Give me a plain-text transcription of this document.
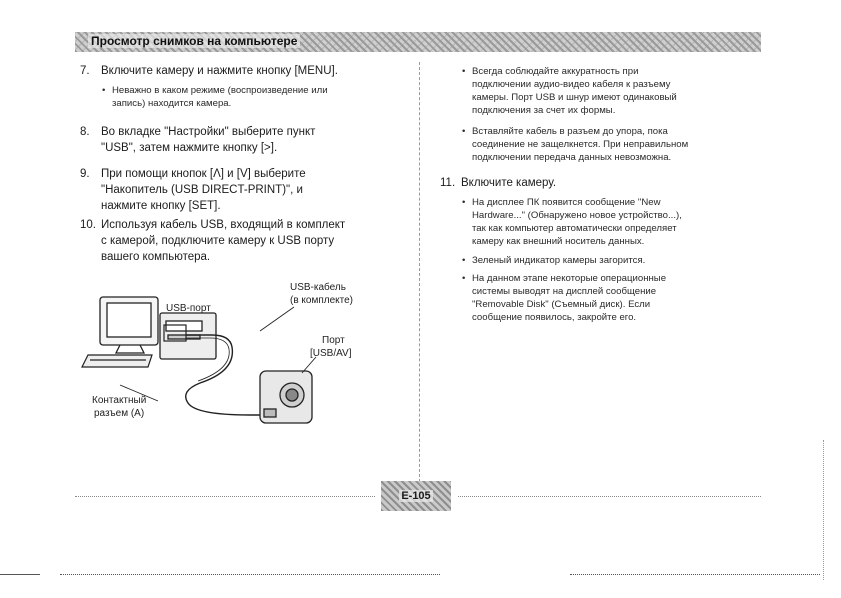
Просмотр снимков на компьютере
7. Включите камеру и нажмите кнопку [MENU].
• Неважно в каком режиме (воспроизведение или
запись) находится камера.
8. Во вкладке "Настройки" выберите пункт
"USB", затем нажмите кнопку [>].
9. При помощи кнопок [Λ] и [V] выберите
"Накопитель (USB DIRECT-PRINT)", и
нажмите кнопку [SET].
10. Используя кабель USB, входящий в комплект
с камерой, подключите камеру к USB порту
вашего компьютера.
USB-порт
USB-кабель
(в комплекте)
Порт
[USB/AV]
Контактный
разъем (A)
• Всегда соблюдайте аккуратность при
подключении аудио-видео кабеля к разъему
камеры. Порт USB и шнур имеют одинаковый
подключения за счет их формы.
• Вставляйте кабель в разъем до упора, пока
соединение не защелкнется. При неправильном
подключении передача данных невозможна.
11. Включите камеру.
• На дисплее ПК появится сообщение "New
Hardware..." (Обнаружено новое устройство...),
так как компьютер автоматически определяет
камеру как внешний носитель данных.
• Зеленый индикатор камеры загорится.
• На данном этапе некоторые операционные
системы выводят на дисплей сообщение
"Removable Disk" (Съемный диск). Если
сообщение появилось, закройте его.
E-105
